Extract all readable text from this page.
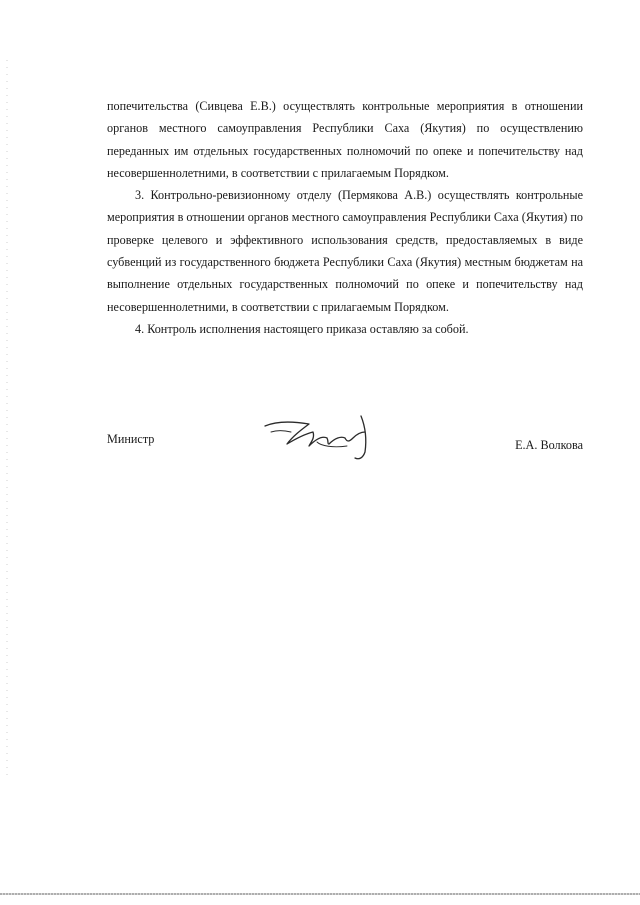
попечительства (Сивцева Е.В.) осуществлять контрольные мероприятия в отношении органов местного самоуправления Республики Саха (Якутия) по осуществлению переданных им отдельных государственных полномочий по опеке и попечительству над несовершеннолетними, в соответствии с прилагаемым Порядком.

3. Контрольно-ревизионному отделу (Пермякова А.В.) осуществлять контрольные мероприятия в отношении органов местного самоуправления Республики Саха (Якутия) по проверке целевого и эффективного использования средств, предоставляемых в виде субвенций из государственного бюджета Республики Саха (Якутия) местным бюджетам на выполнение отдельных государственных полномочий по опеке и попечительству над несовершеннолетними, в соответствии с прилагаемым Порядком.

4. Контроль исполнения настоящего приказа оставляю за собой.

Министр	Е.А. Волкова
